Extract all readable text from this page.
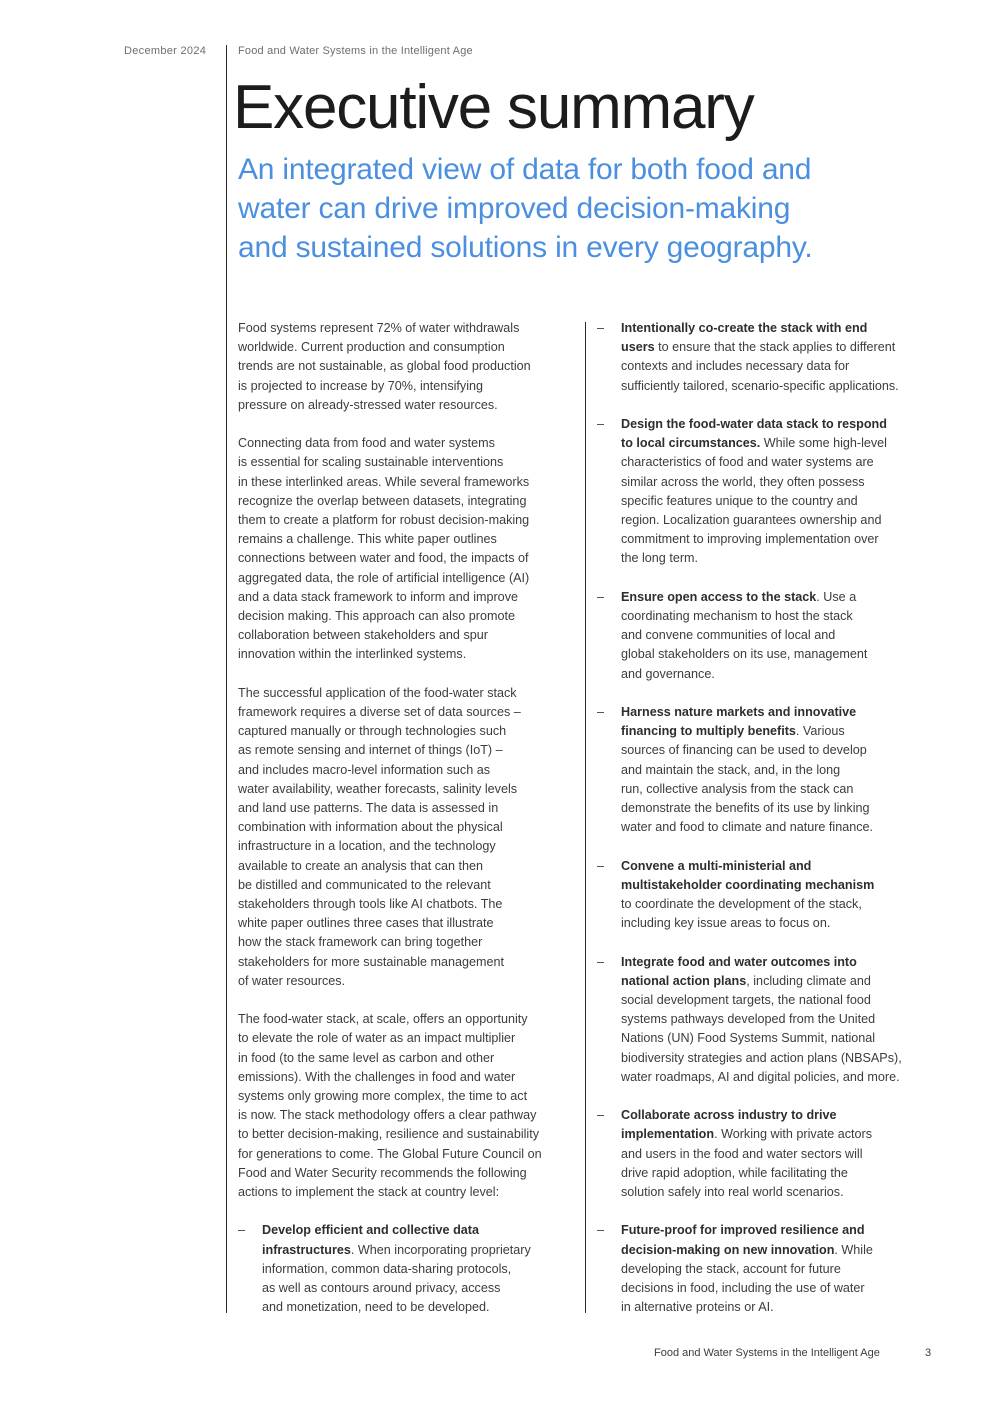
December 2024	Food and Water Systems in the Intelligent Age
Executive summary
An integrated view of data for both food and
water can drive improved decision-making
and sustained solutions in every geography.

Food systems represent 72% of water withdrawals
worldwide. Current production and consumption
trends are not sustainable, as global food production
is projected to increase by 70%, intensifying
pressure on already-stressed water resources.

Connecting data from food and water systems
is essential for scaling sustainable interventions
in these interlinked areas. While several frameworks
recognize the overlap between datasets, integrating
them to create a platform for robust decision-making
remains a challenge. This white paper outlines
connections between water and food, the impacts of
aggregated data, the role of artificial intelligence (AI)
and a data stack framework to inform and improve
decision making. This approach can also promote
collaboration between stakeholders and spur
innovation within the interlinked systems.

The successful application of the food-water stack
framework requires a diverse set of data sources –
captured manually or through technologies such
as remote sensing and internet of things (IoT) –
and includes macro-level information such as
water availability, weather forecasts, salinity levels
and land use patterns. The data is assessed in
combination with information about the physical
infrastructure in a location, and the technology
available to create an analysis that can then
be distilled and communicated to the relevant
stakeholders through tools like AI chatbots. The
white paper outlines three cases that illustrate
how the stack framework can bring together
stakeholders for more sustainable management
of water resources.

The food-water stack, at scale, offers an opportunity
to elevate the role of water as an impact multiplier
in food (to the same level as carbon and other
emissions). With the challenges in food and water
systems only growing more complex, the time to act
is now. The stack methodology offers a clear pathway
to better decision-making, resilience and sustainability
for generations to come. The Global Future Council on
Food and Water Security recommends the following
actions to implement the stack at country level:

– Develop efficient and collective data
infrastructures. When incorporating proprietary
information, common data-sharing protocols,
as well as contours around privacy, access
and monetization, need to be developed.
– Intentionally co-create the stack with end
users to ensure that the stack applies to different
contexts and includes necessary data for
sufficiently tailored, scenario-specific applications.
– Design the food-water data stack to respond
to local circumstances. While some high-level
characteristics of food and water systems are
similar across the world, they often possess
specific features unique to the country and
region. Localization guarantees ownership and
commitment to improving implementation over
the long term.
– Ensure open access to the stack. Use a
coordinating mechanism to host the stack
and convene communities of local and
global stakeholders on its use, management
and governance.
– Harness nature markets and innovative
financing to multiply benefits. Various
sources of financing can be used to develop
and maintain the stack, and, in the long
run, collective analysis from the stack can
demonstrate the benefits of its use by linking
water and food to climate and nature finance.
– Convene a multi-ministerial and
multistakeholder coordinating mechanism
to coordinate the development of the stack,
including key issue areas to focus on.
– Integrate food and water outcomes into
national action plans, including climate and
social development targets, the national food
systems pathways developed from the United
Nations (UN) Food Systems Summit, national
biodiversity strategies and action plans (NBSAPs),
water roadmaps, AI and digital policies, and more.
– Collaborate across industry to drive
implementation. Working with private actors
and users in the food and water sectors will
drive rapid adoption, while facilitating the
solution safely into real world scenarios.
– Future-proof for improved resilience and
decision-making on new innovation. While
developing the stack, account for future
decisions in food, including the use of water
in alternative proteins or AI.
Food and Water Systems in the Intelligent Age	3
